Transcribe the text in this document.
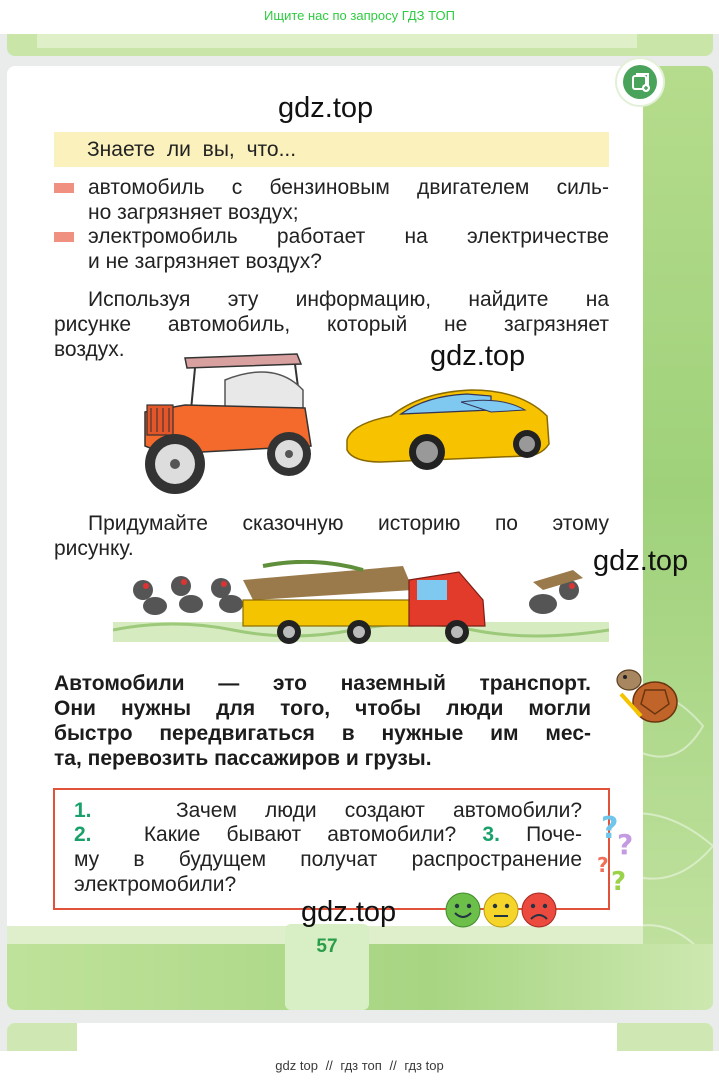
Ищите нас по запросу ГДЗ ТОП
gdz.top
Знаете ли вы, что...
автомобиль с бензиновым двигателем силь-
но загрязняет воздух;
электромобиль работает на электричестве
и не загрязняет воздух?
Используя эту информацию, найдите на
рисунке автомобиль, который не загрязняет
воздух.	gdz.top
Придумайте сказочную историю по этому
рисунку.	gdz.top
Автомобили — это наземный транспорт.
Они нужны для того, чтобы люди могли
быстро передвигаться в нужные им мес-
та, перевозить пассажиров и грузы.
1.	Зачем люди создают автомобили?
2. Какие бывают автомобили? 3. Поче-
му в будущем получат распространение
электромобили?
?
?
?
?
57
gdz.top
gdz top // гдз топ // гдз top
